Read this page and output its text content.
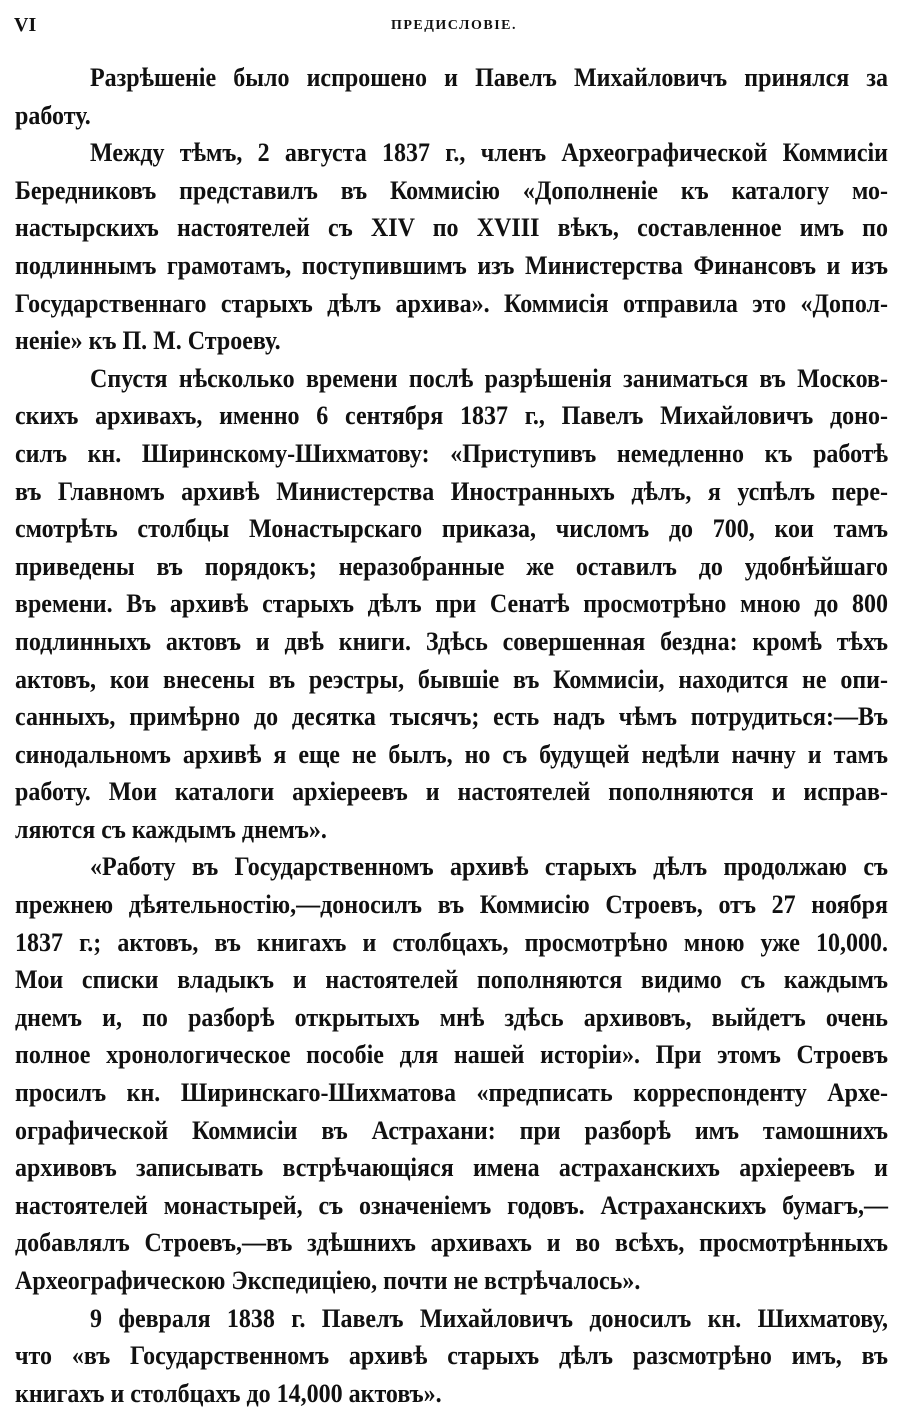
VI	ПРЕДИСЛОВІЕ.
Разрѣшеніе было испрошено и Павелъ Михайловичъ принялся за
работу.
Между тѣмъ, 2 августа 1837 г., членъ Археографической Коммисіи
Бередниковъ представилъ въ Коммисію «Дополненіе къ каталогу мо-
настырскихъ настоятелей съ XIV по XVIII вѣкъ, составленное имъ по
подлиннымъ грамотамъ, поступившимъ изъ Министерства Финансовъ и изъ
Государственнаго старыхъ дѣлъ архива». Коммисія отправила это «Допол-
неніе» къ П. М. Строеву.
Спустя нѣсколько времени послѣ разрѣшенія заниматься въ Москов-
скихъ архивахъ, именно 6 сентября 1837 г., Павелъ Михайловичъ доно-
силъ кн. Ширинскому-Шихматову: «Приступивъ немедленно къ работѣ
въ Главномъ архивѣ Министерства Иностранныхъ дѣлъ, я успѣлъ пере-
смотрѣть столбцы Монастырскаго приказа, числомъ до 700, кои тамъ
приведены въ порядокъ; неразобранные же оставилъ до удобнѣйшаго
времени. Въ архивѣ старыхъ дѣлъ при Сенатѣ просмотрѣно мною до 800
подлинныхъ актовъ и двѣ книги. Здѣсь совершенная бездна: кромѣ тѣхъ
актовъ, кои внесены въ реэстры, бывшіе въ Коммисіи, находится не опи-
санныхъ, примѣрно до десятка тысячъ; есть надъ чѣмъ потрудиться:—Въ
синодальномъ архивѣ я еще не былъ, но съ будущей недѣли начну и тамъ
работу. Мои каталоги архіереевъ и настоятелей пополняются и исправ-
ляются съ каждымъ днемъ».
«Работу въ Государственномъ архивѣ старыхъ дѣлъ продолжаю съ
прежнею дѣятельностію,—доносилъ въ Коммисію Строевъ, отъ 27 ноября
1837 г.; актовъ, въ книгахъ и столбцахъ, просмотрѣно мною уже 10,000.
Мои списки владыкъ и настоятелей пополняются видимо съ каждымъ
днемъ и, по разборѣ открытыхъ мнѣ здѣсь архивовъ, выйдетъ очень
полное хронологическое пособіе для нашей исторіи». При этомъ Строевъ
просилъ кн. Ширинскаго-Шихматова «предписать корреспонденту Архе-
ографической Коммисіи въ Астрахани: при разборѣ имъ тамошнихъ
архивовъ записывать встрѣчающіяся имена астраханскихъ архіереевъ и
настоятелей монастырей, съ означеніемъ годовъ. Астраханскихъ бумагъ,—
добавлялъ Строевъ,—въ здѣшнихъ архивахъ и во всѣхъ, просмотрѣнныхъ
Археографическою Экспедиціею, почти не встрѣчалось».
9 февраля 1838 г. Павелъ Михайловичъ доносилъ кн. Шихматову,
что «въ Государственномъ архивѣ старыхъ дѣлъ разсмотрѣно имъ, въ
книгахъ и столбцахъ до 14,000 актовъ».
